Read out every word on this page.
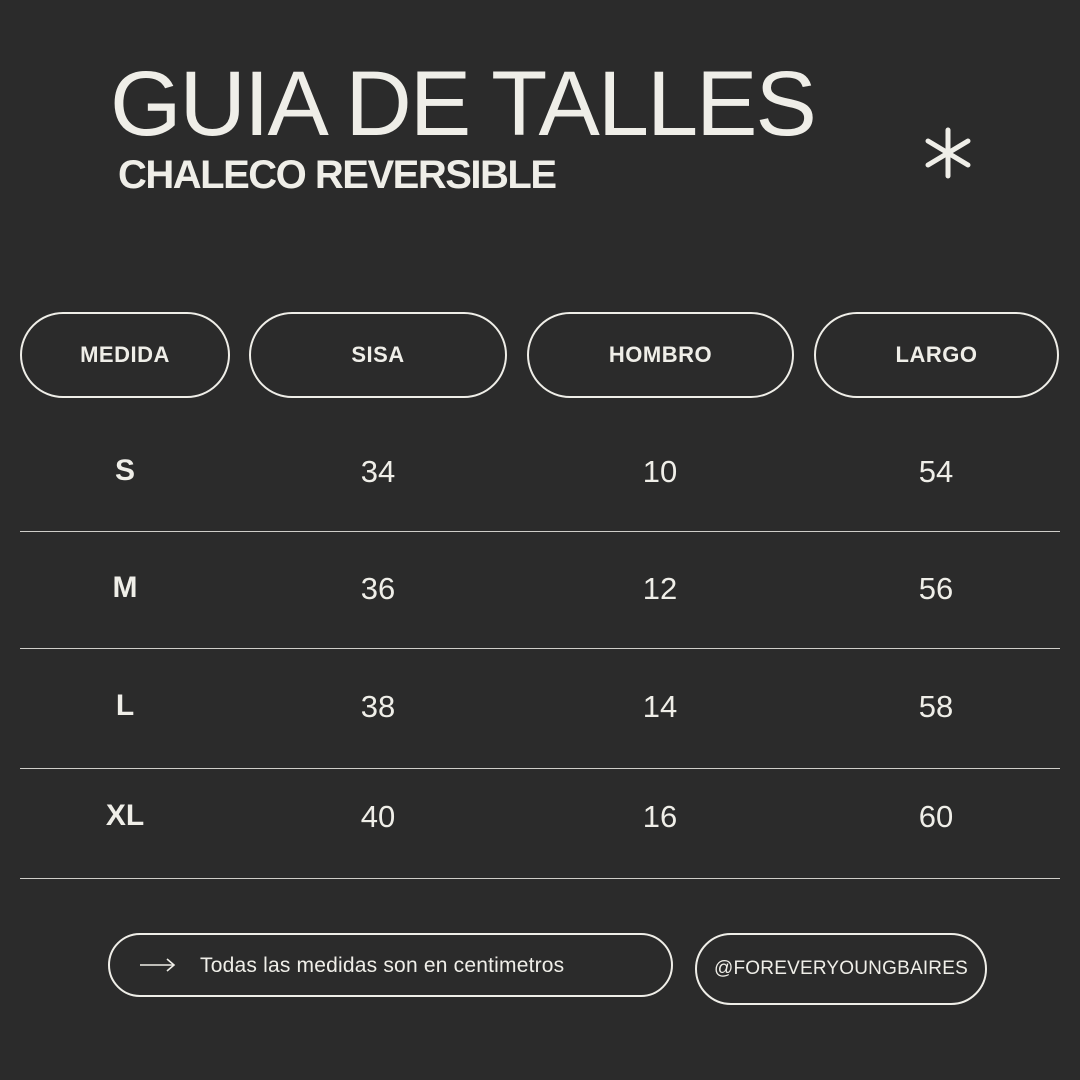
GUIA DE TALLES
CHALECO REVERSIBLE
MEDIDA	SISA	HOMBRO	LARGO
S	34	10	54
M	36	12	56
L	38	14	58
XL	40	16	60
Todas las medidas son en centimetros	@FOREVERYOUNGBAIRES
